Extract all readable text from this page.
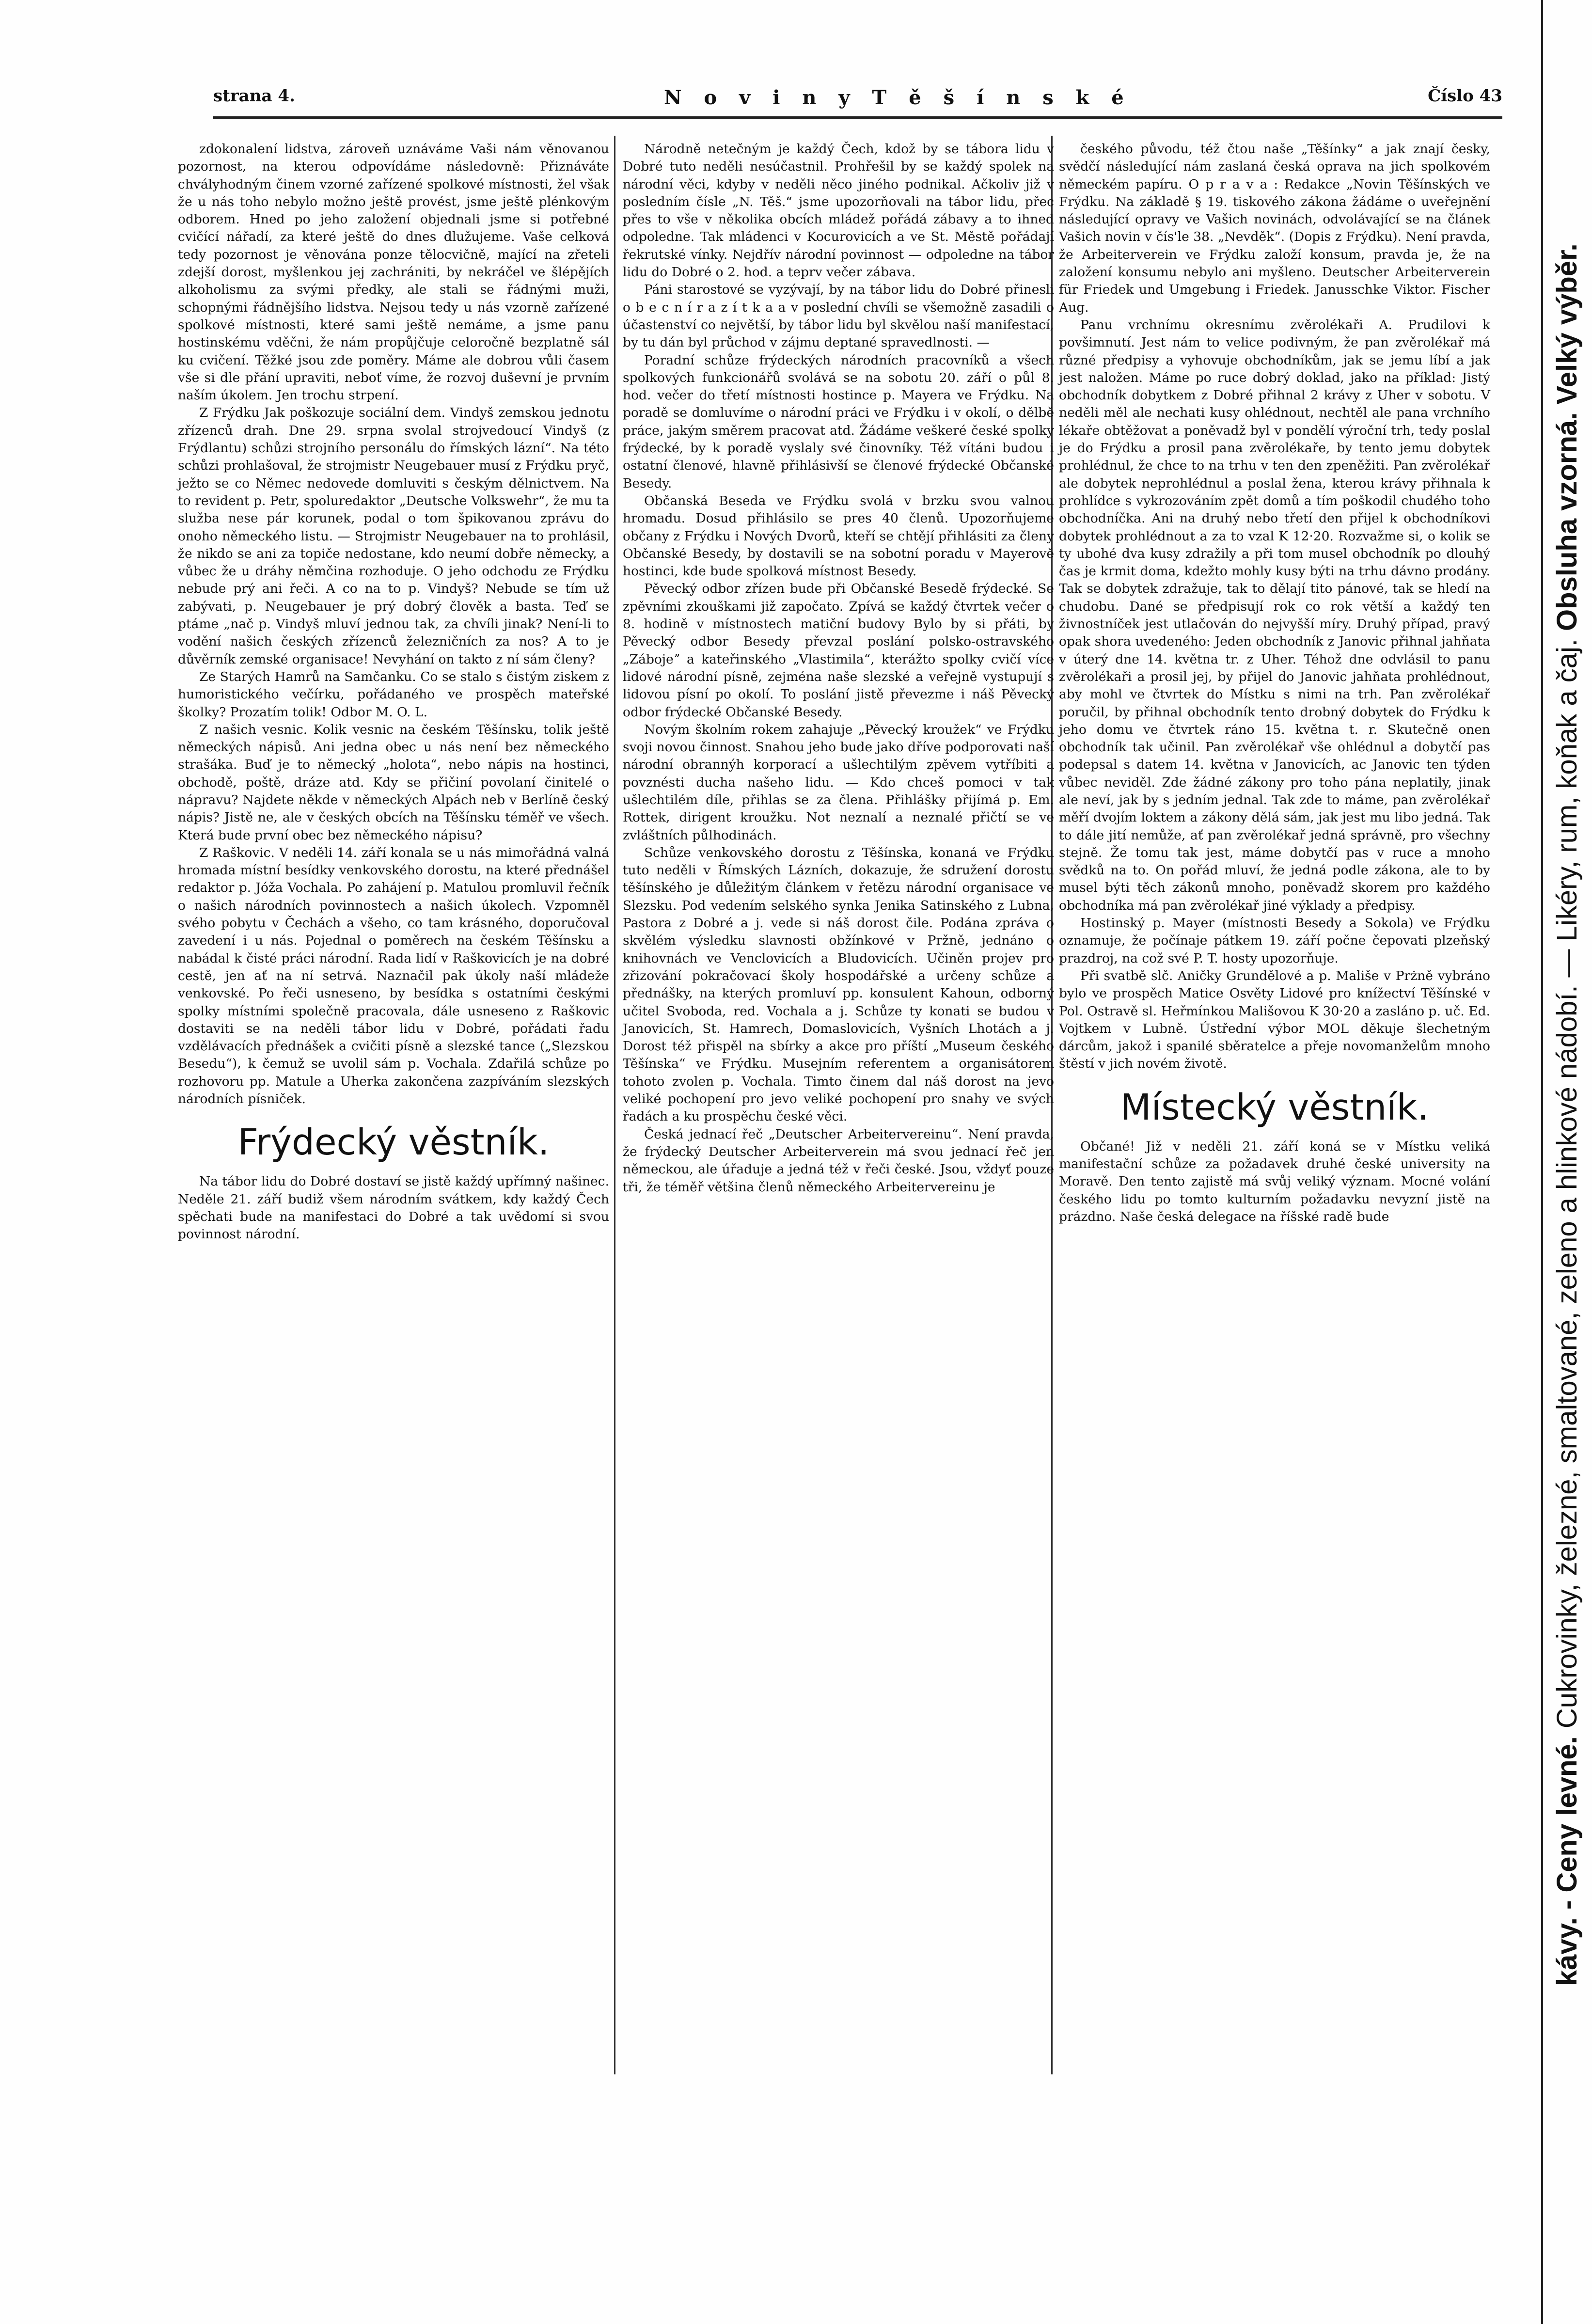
strana 4.	N o v i n y T ě š í n s k é	Číslo 43

zdokonalení lidstva, zároveň uznáváme Vaši nám věnovanou pozornost, na kterou odpovídáme následovně: Přiznáváte chvályhodným činem vzorné zařízené spolkové místnosti, žel však že u nás toho nebylo možno ještě provést, jsme ještě plénkovým odborem. Hned po jeho založení objednali jsme si potřebné cvičící nářadí, za které ještě do dnes dlužujeme. Vaše celková tedy pozornost je věnována ponze tělocvičně, mající na zřeteli zdejší dorost, myšlenkou jej zachrániti, by nekráčel ve šlépějích alkoholismu za svými předky, ale stali se řádnými muži, schopnými řádnějšího lidstva. Nejsou tedy u nás vzorně zařízené spolkové místnosti, které sami ještě nemáme, a jsme panu hostinskému vděčni, že nám propůjčuje celoročně bezplatně sál ku cvičení. Těžké jsou zde poměry. Máme ale dobrou vůli časem vše si dle přání upraviti, neboť víme, že rozvoj duševní je prvním naším úkolem. Jen trochu strpení.

Z Frýdku Jak poškozuje sociální dem. Vindyš zemskou jednotu zřízenců drah. Dne 29. srpna svolal strojvedoucí Vindyš (z Frýdlantu) schůzi strojního personálu do římských lázní“. Na této schůzi prohlašoval, že strojmistr Neugebauer musí z Frýdku pryč, ježto se co Němec nedovede domluviti s českým dělnictvem. Na to revident p. Petr, spoluredaktor „Deutsche Volkswehr“, že mu ta služba nese pár korunek, podal o tom špikovanou zprávu do onoho německého listu. — Strojmistr Neugebauer na to prohlásil, že nikdo se ani za topiče nedostane, kdo neumí dobře německy, a vůbec že u dráhy němčina rozhoduje. O jeho odchodu ze Frýdku nebude prý ani řeči. A co na to p. Vindyš? Nebude se tím už zabývati, p. Neugebauer je prý dobrý člověk a basta. Teď se ptáme „nač p. Vindyš mluví jednou tak, za chvíli jinak? Není-li to vodění našich českých zřízenců železničních za nos? A to je důvěrník zemské organisace! Nevyhání on takto z ní sám členy?

Ze Starých Hamrů na Samčanku. Co se stalo s čistým ziskem z humoristického večírku, pořádaného ve prospěch mateřské školky? Prozatím tolik! Odbor M. O. L.

Z našich vesnic. Kolik vesnic na českém Těšínsku, tolik ještě německých nápisů. Ani jedna obec u nás není bez německého strašáka. Buď je to německý „holota“, nebo nápis na hostinci, obchodě, poště, dráze atd. Kdy se přičiní povolaní činitelé o nápravu? Najdete někde v německých Alpách neb v Berlíně český nápis? Jistě ne, ale v českých obcích na Těšínsku téměř ve všech. Která bude první obec bez německého nápisu?

Z Raškovic. V neděli 14. září konala se u nás mimořádná valná hromada místní besídky venkovského dorostu, na které přednášel redaktor p. Jóža Vochala. Po zahájení p. Matulou promluvil řečník o našich národních povinnostech a našich úkolech. Vzpomněl svého pobytu v Čechách a všeho, co tam krásného, doporučoval zavedení i u nás. Pojednal o poměrech na českém Těšínsku a nabádal k čisté práci národní. Rada lidí v Raškovicích je na dobré cestě, jen ať na ní setrvá. Naznačil pak úkoly naší mládeže venkovské. Po řeči usneseno, by besídka s ostatními českými spolky místními společně pracovala, dále usneseno z Raškovic dostaviti se na neděli tábor lidu v Dobré, pořádati řadu vzdělávacích přednášek a cvičiti písně a slezské tance („Slezskou Besedu“), k čemuž se uvolil sám p. Vochala. Zdařilá schůze po rozhovoru pp. Matule a Uherka zakončena zazpíváním slezských národních písniček.

Frýdecký věstník.

Na tábor lidu do Dobré dostaví se jistě každý upřímný našinec. Neděle 21. září budiž všem národním svátkem, kdy každý Čech spěchati bude na manifestaci do Dobré a tak uvědomí si svou povinnost národní.

Národně netečným je každý Čech, kdož by se tábora lidu v Dobré tuto neděli nesúčastnil. Prohřešil by se každý spolek na národní věci, kdyby v neděli něco jiného podnikal. Ačkoliv již v posledním čísle „N. Těš.“ jsme upozorňovali na tábor lidu, přec přes to vše v několika obcích mládež pořádá zábavy a to ihned odpoledne. Tak mládenci v Kocurovicích a ve St. Městě pořádají řekrutské vínky. Nejdřív národní povinnost — odpoledne na tábor lidu do Dobré o 2. hod. a teprv večer zábava.

Páni starostové se vyzývají, by na tábor lidu do Dobré přinesli o b e c n í r a z í t k a a v poslední chvíli se všemožně zasadili o účastenství co největší, by tábor lidu byl skvělou naší manifestací, by tu dán byl průchod v zájmu deptané spravedlnosti. —

Poradní schůze frýdeckých národních pracovníků a všech spolkových funkcionářů svolává se na sobotu 20. září o půl 8. hod. večer do třetí místnosti hostince p. Mayera ve Frýdku. Na poradě se domluvíme o národní práci ve Frýdku i v okolí, o dělbě práce, jakým směrem pracovat atd. Žádáme veškeré české spolky frýdecké, by k poradě vyslaly své činovníky. Též vítáni budou i ostatní členové, hlavně přihlásivší se členové frýdecké Občanské Besedy.

Občanská Beseda ve Frýdku svolá v brzku svou valnou hromadu. Dosud přihlásilo se pres 40 členů. Upozorňujeme občany z Frýdku i Nových Dvorů, kteří se chtějí přihlásiti za členy Občanské Besedy, by dostavili se na sobotní poradu v Mayerově hostinci, kde bude spolková místnost Besedy.

Pěvecký odbor zřízen bude při Občanské Besedě frýdecké. Se zpěvními zkouškami již započato. Zpívá se každý čtvrtek večer o 8. hodině v místnostech matiční budovy Bylo by si přáti, by Pěvecký odbor Besedy převzal poslání polsko-ostravského „Zábojeˮ a kateřinského „Vlastimila“, kterážto spolky cvičí více lidové národní písně, zejména naše slezské a veřejně vystupují s lidovou písní po okolí. To poslání jistě převezme i náš Pěvecký odbor frýdecké Občanské Besedy.

Novým školním rokem zahajuje „Pěvecký kroužek“ ve Frýdku svoji novou činnost. Snahou jeho bude jako dříve podporovati naší národní obrannýh korporací a ušlechtilým zpěvem vytříbiti a povznésti ducha našeho lidu. — Kdo chceš pomoci v tak ušlechtilém díle, přihlas se za člena. Přihlášky přijímá p. Em. Rottek, dirigent kroužku. Not neznalí a neznalé přičtí se ve zvláštních půlhodinách.

Schůze venkovského dorostu z Těšínska, konaná ve Frýdku tuto neděli v Římských Lázních, dokazuje, že sdružení dorostu těšínského je důležitým článkem v řetězu národní organisace ve Slezsku. Pod vedením selského synka Jenika Satinského z Lubna, Pastora z Dobré a j. vede si náš dorost čile. Podána zpráva o skvělém výsledku slavnosti obžínkové v Pržně, jednáno o knihovnách ve Venclovicích a Bludovicích. Učiněn projev pro zřizování pokračovací školy hospodářské a určeny schůze a přednášky, na kterých promluví pp. konsulent Kahoun, odborný učitel Svoboda, red. Vochala a j. Schůze ty konati se budou v Janovicích, St. Hamrech, Domaslovicích, Vyšních Lhotách a j. Dorost též přispěl na sbírky a akce pro příští „Museum českého Těšínska“ ve Frýdku. Musejním referentem a organisátorem tohoto zvolen p. Vochala. Timto činem dal náš dorost na jevo veliké pochopení pro jevo veliké pochopení pro snahy ve svých řadách a ku prospěchu české věci.

Česká jednací řeč „Deutscher Arbeitervereinu“. Není pravda, že frýdecký Deutscher Arbeiterverein má svou jednací řeč jen německou, ale úřaduje a jedná též v řeči české. Jsou, vždyť pouze tři, že téměř většina členů německého Arbeitervereinu je

českého původu, též čtou naše „Těšínky“ a jak znají česky, svědčí následující nám zaslaná česká oprava na jich spolkovém německém papíru. O p r a v a : Redakce „Novin Těšínských ve Frýdku. Na základě § 19. tiskového zákona žádáme o uveřejnění následující opravy ve Vašich novinách, odvolávající se na článek Vašich novin v čís'le 38. „Nevděk“. (Dopis z Frýdku). Není pravda, že Arbeiterverein ve Frýdku založí konsum, pravda je, že na založení konsumu nebylo ani myšleno. Deutscher Arbeiterverein für Friedek und Umgebung i Friedek. Janusschke Viktor. Fischer Aug.

Panu vrchnímu okresnímu zvěrolékaři A. Prudilovi k povšimnutí. Jest nám to velice podivným, že pan zvěrolékař má různé předpisy a vyhovuje obchodníkům, jak se jemu líbí a jak jest naložen. Máme po ruce dobrý doklad, jako na příklad: Jistý obchodník dobytkem z Dobré přihnal 2 krávy z Uher v sobotu. V neděli měl ale nechati kusy ohlédnout, nechtěl ale pana vrchního lékaře obtěžovat a poněvadž byl v pondělí výroční trh, tedy poslal je do Frýdku a prosil pana zvěrolékaře, by tento jemu dobytek prohlédnul, že chce to na trhu v ten den zpeněžiti. Pan zvěrolékař ale dobytek neprohlédnul a poslal žena, kterou krávy přihnala k prohlídce s vykrozováním zpět domů a tím poškodil chudého toho obchodníčka. Ani na druhý nebo třetí den přijel k obchodníkovi dobytek prohlédnout a za to vzal K 12·20. Rozvažme si, o kolik se ty ubohé dva kusy zdražily a při tom musel obchodník po dlouhý čas je krmit doma, kdežto mohly kusy býti na trhu dávno prodány. Tak se dobytek zdražuje, tak to dělají tito pánové, tak se hledí na chudobu. Dané se předpisují rok co rok větší a každý ten živnostníček jest utlačován do nejvyšší míry. Druhý případ, pravý opak shora uvedeného: Jeden obchodník z Janovic přihnal jahňata v úterý dne 14. května tr. z Uher. Téhož dne odvlásil to panu zvěrolékaři a prosil jej, by přijel do Janovic jahňata prohlédnout, aby mohl ve čtvrtek do Místku s nimi na trh. Pan zvěrolékař poručil, by přihnal obchodník tento drobný dobytek do Frýdku k jeho domu ve čtvrtek ráno 15. května t. r. Skutečně onen obchodník tak učinil. Pan zvěrolékař vše ohlédnul a dobytčí pas podepsal s datem 14. května v Janovicích, ac Janovic ten týden vůbec neviděl. Zde žádné zákony pro toho pána neplatily, jinak ale neví, jak by s jedním jednal. Tak zde to máme, pan zvěrolékař měří dvojím loktem a zákony dělá sám, jak jest mu libo jedná. Tak to dále jití nemůže, ať pan zvěrolékař jedná správně, pro všechny stejně. Že tomu tak jest, máme dobytčí pas v ruce a mnoho svědků na to. On pořád mluví, že jedná podle zákona, ale to by musel býti těch zákonů mnoho, poněvadž skorem pro každého obchodníka má pan zvěrolékař jiné výklady a předpisy.

Hostinský p. Mayer (místnosti Besedy a Sokola) ve Frýdku oznamuje, že počínaje pátkem 19. září počne čepovati plzeňský prazdroj, na což své P. T. hosty upozorňuje.

Při svatbě slč. Aničky Grundělové a p. Mališe v Prżně vybráno bylo ve prospěch Matice Osvěty Lidové pro knížectví Těšínské v Pol. Ostravě sl. Heřmínkou Mališovou K 30·20 a zasláno p. uč. Ed. Vojtkem v Lubně. Ústřední výbor MOL děkuje šlechetným dárcům, jakož i spanilé sběratelce a přeje novomanželům mnoho štěstí v jich novém životě.

Místecký věstník.

Občané! Již v neděli 21. září koná se v Místku veliká manifestační schůze za požadavek druhé české university na Moravě. Den tento zajistě má svůj veliký význam. Mocné volání českého lidu po tomto kulturním požadavku nevyzní jistě na prázdno. Naše česká delegace na říšské radě bude

kávy. - Ceny levné. Cukrovinky, železné, smaltované, zeleno a hlinkové nádobí. — Likéry, rum, koňak a čaj. Obsluha vzorná. Velký výběr.
